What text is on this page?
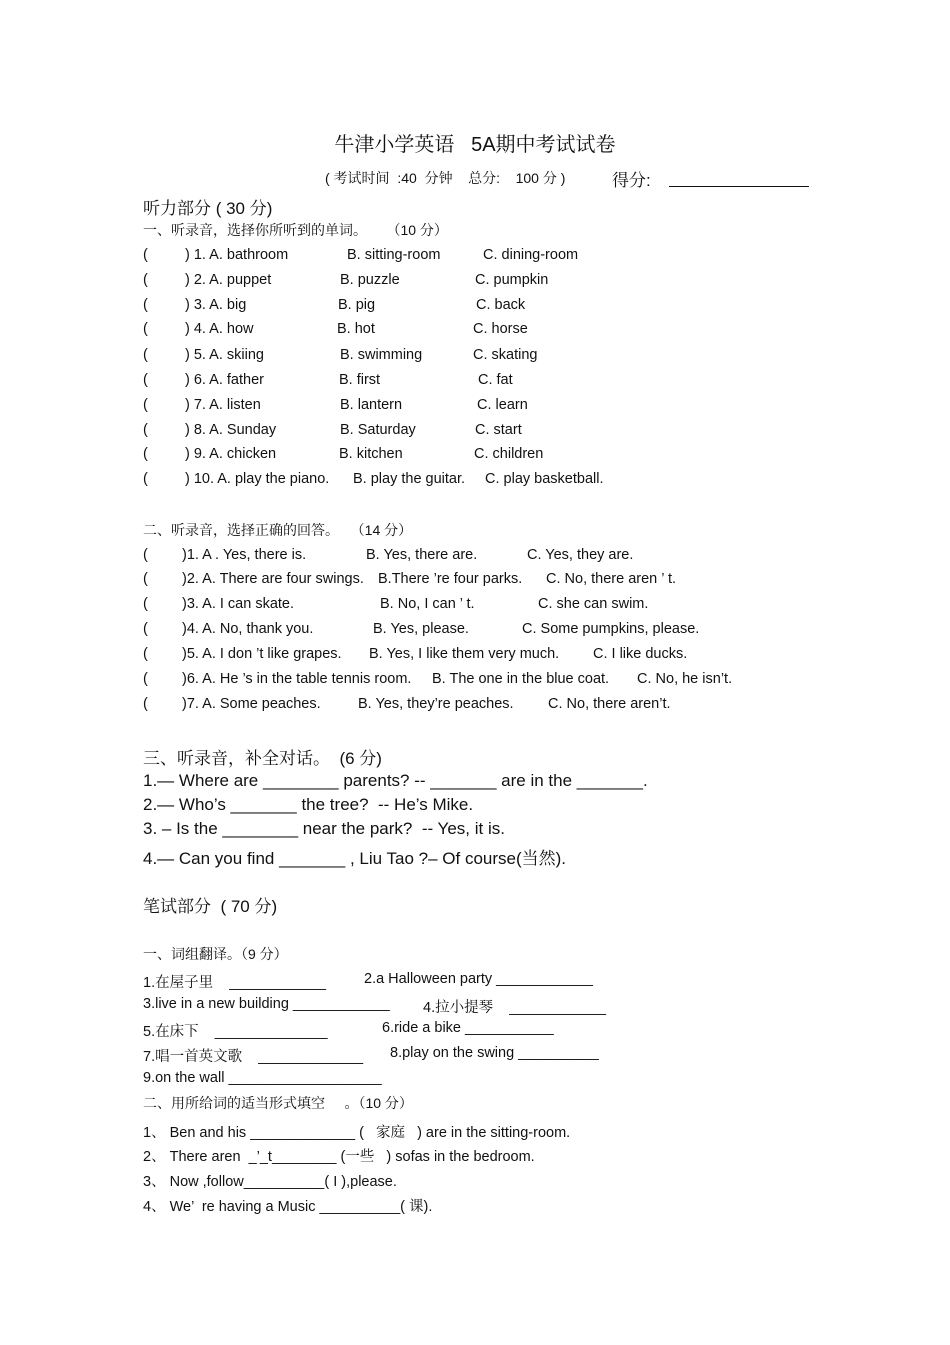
牛津小学英语   5A期中考试试卷
( 考试时间  :40  分钟    总分:    100 分 )	得分:
听力部分 ( 30 分)
一、听录音，选择你所听到的单词。     （10 分）
(	) 1. A. bathroom	B. sitting-room	C. dining-room
(	) 2. A. puppet	B. puzzle	C. pumpkin
(	) 3. A. big	B. pig	C. back
(	) 4. A. how	B. hot	C. horse
(	) 5. A. skiing	B. swimming	C. skating
(	) 6. A. father	B. first	C. fat
(	) 7. A. listen	B. lantern	C. learn
(	) 8. A. Sunday	B. Saturday	C. start
(	) 9. A. chicken	B. kitchen	C. children
(	) 10. A. play the piano. B. play the guitar. C. play basketball.
二、听录音，选择正确的回答。   （14 分）
( )1. A . Yes, there is.	B. Yes, there are.	C. Yes, they are.
( )2. A. There are four swings. B.There ’re four parks. C. No, there aren ’ t.
( )3. A. I can skate.	B. No, I can ’ t.	C. she can swim.
( )4. A. No, thank you.	B. Yes, please.	C. Some pumpkins, please.
( )5. A. I don ’t like grapes. B. Yes, I like them very much. C. I like ducks.
( )6. A. He ’s in the table tennis room. B. The one in the blue coat. C. No, he isn’t.
( )7. A. Some peaches.	B. Yes, they’re peaches. C. No, there aren’t.
三、听录音，补全对话。  (6 分)
1.— Where are ________ parents? -- _______ are in the _______.
2.— Who’s _______ the tree?  -- He’s Mike.
3. – Is the ________ near the park?  -- Yes, it is.
4.— Can you find _______ , Liu Tao ?– Of course(当然).
笔试部分  ( 70 分)
一、词组翻译。（9 分）
1.在屋子里    ____________	2.a Halloween party ____________
3.live in a new building ____________ 4.拉小提琴    ____________
5.在床下    ______________	6.ride a bike ___________
7.唱一首英文歌    _____________ 8.play on the swing __________
9.on the wall ___________________
二、用所给词的适当形式填空     。（10 分）
1、 Ben and his _____________ (   家庭   ) are in the sitting-room.
2、 There aren  _’_t________ (一些   ) sofas in the bedroom.
3、 Now ,follow__________( I ),please.
4、 We’  re having a Music __________( 课).
